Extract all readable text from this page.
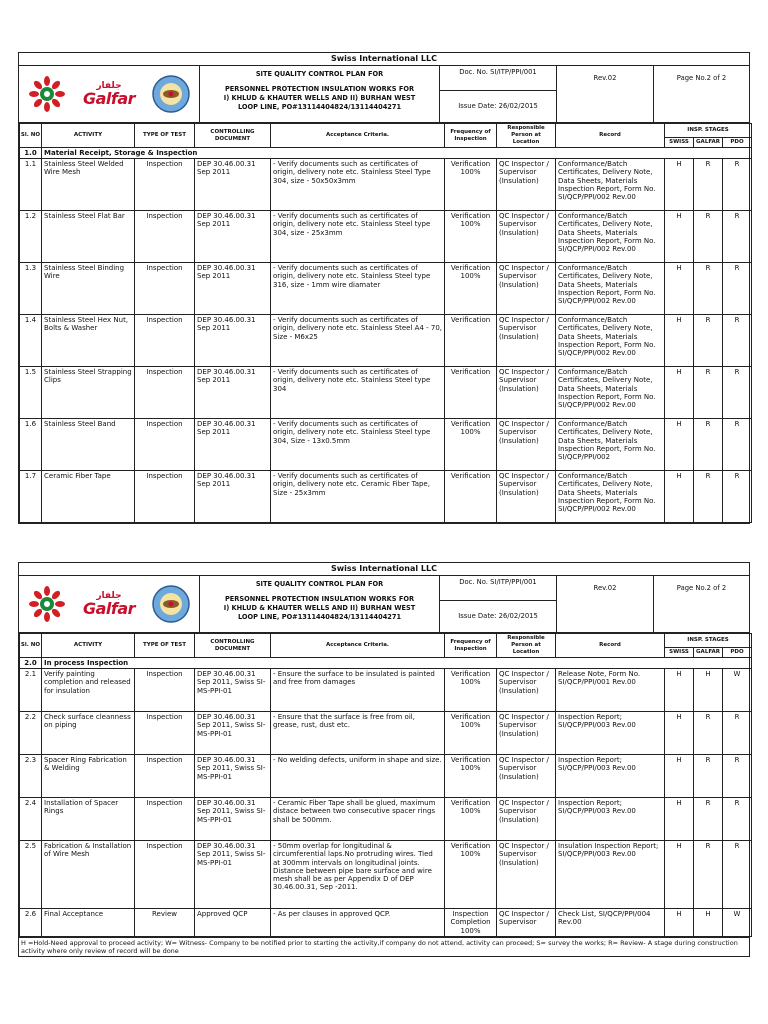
Swiss International LLC
جلفار
Galfar
SITE QUALITY CONTROL PLAN FOR
PERSONNEL PROTECTION INSULATION WORKS FOR
I) KHLUD & KHAUTER WELLS AND II) BURHAN WEST
LOOP LINE, PO#13114404824/13114404271
Doc. No. SI/ITP/PPI/001
Issue Date: 26/02/2015
Rev.02	Page No.2 of 2
Sl. NO	ACTIVITY	TYPE OF TEST	CONTROLLING DOCUMENT	Acceptance Criteria.	Frequency of Inspection	Responsible Person at Location	Record	INSP. STAGES		
								SWISS	GALFAR	PDO
1.0	Material Receipt, Storage & Inspection									
1.1	Stainless Steel Welded Wire Mesh	Inspection	DEP 30.46.00.31 Sep 2011	- Verify documents such as certificates of origin, delivery note etc. Stainless Steel Type 304, size - 50x50x3mm	Verification 100%	QC Inspector / Supervisor (Insulation)	Conformance/Batch Certificates, Delivery Note, Data Sheets, Materials Inspection Report, Form No. SI/QCP/PPI/002 Rev.00	H	R	R
1.2	Stainless Steel Flat Bar	Inspection	DEP 30.46.00.31 Sep 2011	- Verify documents such as certificates of origin, delivery note etc. Stainless Steel type 304, size - 25x3mm	Verification 100%	QC Inspector / Supervisor (Insulation)	Conformance/Batch Certificates, Delivery Note, Data Sheets, Materials Inspection Report, Form No. SI/QCP/PPI/002 Rev.00	H	R	R
1.3	Stainless Steel Binding Wire	Inspection	DEP 30.46.00.31 Sep 2011	- Verify documents such as certificates of origin, delivery note etc. Stainless Steel type 316, size - 1mm wire diamater	Verification 100%	QC Inspector / Supervisor (Insulation)	Conformance/Batch Certificates, Delivery Note, Data Sheets, Materials Inspection Report, Form No. SI/QCP/PPI/002 Rev.00	H	R	R
1.4	Stainless Steel Hex Nut, Bolts & Washer	Inspection	DEP 30.46.00.31 Sep 2011	- Verify documents such as certificates of origin, delivery note etc. Stainless Steel A4 - 70, Size - M6x25	Verification	QC Inspector / Supervisor (Insulation)	Conformance/Batch Certificates, Delivery Note, Data Sheets, Materials Inspection Report, Form No. SI/QCP/PPI/002 Rev.00	H	R	R
1.5	Stainless Steel Strapping Clips	Inspection	DEP 30.46.00.31 Sep 2011	- Verify documents such as certificates of origin, delivery note etc. Stainless Steel type 304	Verification	QC Inspector / Supervisor (Insulation)	Conformance/Batch Certificates, Delivery Note, Data Sheets, Materials Inspection Report, Form No. SI/QCP/PPI/002 Rev.00	H	R	R
1.6	Stainless Steel Band	Inspection	DEP 30.46.00.31 Sep 2011	- Verify documents such as certificates of origin, delivery note etc. Stainless Steel type 304, Size - 13x0.5mm	Verification 100%	QC Inspector / Supervisor (Insulation)	Conformance/Batch Certificates, Delivery Note, Data Sheets, Materials Inspection Report, Form No. SI/QCP/PPI/002	H	R	R
1.7	Ceramic Fiber Tape	Inspection	DEP 30.46.00.31 Sep 2011	- Verify documents such as certificates of origin, delivery note etc. Ceramic Fiber Tape, Size - 25x3mm	Verification	QC Inspector / Supervisor (Insulation)	Conformance/Batch Certificates, Delivery Note, Data Sheets, Materials Inspection Report, Form No. SI/QCP/PPI/002 Rev.00	H	R	R
Swiss International LLC
جلفار
Galfar
SITE QUALITY CONTROL PLAN FOR
PERSONNEL PROTECTION INSULATION WORKS FOR
I) KHLUD & KHAUTER WELLS AND II) BURHAN WEST
LOOP LINE, PO#13114404824/13114404271
Doc. No. SI/ITP/PPI/001
Issue Date: 26/02/2015
Rev.02	Page No.2 of 2
Sl. NO	ACTIVITY	TYPE OF TEST	CONTROLLING DOCUMENT	Acceptance Criteria.	Frequency of Inspection	Responsible Person at Location	Record	INSP. STAGES		
								SWISS	GALFAR	PDO
2.0	In process Inspection									
2.1	Verify painting completion and released for insulation	Inspection	DEP 30.46.00.31 Sep 2011, Swiss SI-MS-PPI-01	- Ensure the surface to be insulated is painted and free from damages	Verification 100%	QC Inspector / Supervisor (Insulation)	Release Note, Form No. SI/QCP/PPI/001 Rev.00	H	H	W
2.2	Check surface cleanness on piping	Inspection	DEP 30.46.00.31 Sep 2011, Swiss SI-MS-PPI-01	- Ensure that the surface is free from oil, grease, rust, dust etc.	Verification 100%	QC Inspector / Supervisor (Insulation)	Inspection Report; SI/QCP/PPI/003 Rev.00	H	R	R
2.3	Spacer Ring Fabrication & Welding	Inspection	DEP 30.46.00.31 Sep 2011, Swiss SI-MS-PPI-01	- No welding defects, uniform in shape and size.	Verification 100%	QC Inspector / Supervisor (Insulation)	Inspection Report; SI/QCP/PPI/003 Rev.00	H	R	R
2.4	Installation of Spacer Rings	Inspection	DEP 30.46.00.31 Sep 2011, Swiss SI-MS-PPI-01	- Ceramic Fiber Tape shall be glued, maximum distace between two consecutive spacer rings shall be 500mm.	Verification 100%	QC Inspector / Supervisor (Insulation)	Inspection Report; SI/QCP/PPI/003 Rev.00	H	R	R
2.5	Fabrication & Installation of Wire Mesh	Inspection	DEP 30.46.00.31 Sep 2011, Swiss SI-MS-PPI-01	- 50mm overlap for longitudinal & circumferential laps.No protruding wires. Tied at 300mm intervals on longitudinal joints. Distance between pipe bare surface and wire mesh shall be as per Appendix D of DEP 30.46.00.31, Sep -2011.	Verification 100%	QC Inspector / Supervisor (Insulation)	Insulation Inspection Report; SI/QCP/PPI/003 Rev.00	H	R	R
2.6	Final Acceptance	Review	Approved QCP	- As per clauses in approved QCP.	Inspection Completion 100%	QC Inspector / Supervisor	Check List, SI/QCP/PPI/004 Rev.00	H	H	W
H =Hold-Need approval to proceed activity; W= Witness- Company to be notified prior to starting the activity,if company do not attend, activity can proceed; S= survey the works; R= Review- A stage during construction activity where only review of record will be done
